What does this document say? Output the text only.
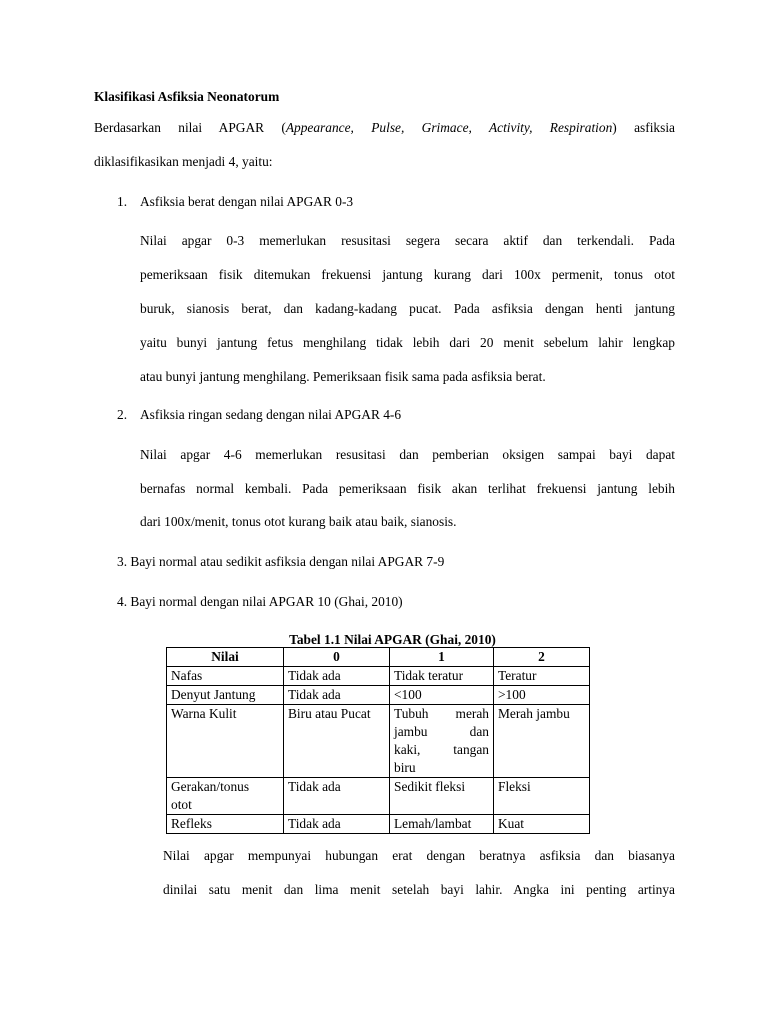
Klasifikasi Asfiksia Neonatorum
Berdasarkan nilai APGAR (Appearance, Pulse, Grimace, Activity, Respiration) asfiksia
diklasifikasikan menjadi 4, yaitu:
1. Asfiksia berat dengan nilai APGAR 0-3
Nilai apgar 0-3 memerlukan resusitasi segera secara aktif dan terkendali. Pada
pemeriksaan fisik ditemukan frekuensi jantung kurang dari 100x permenit, tonus otot
buruk, sianosis berat, dan kadang-kadang pucat. Pada asfiksia dengan henti jantung
yaitu bunyi jantung fetus menghilang tidak lebih dari 20 menit sebelum lahir lengkap
atau bunyi jantung menghilang. Pemeriksaan fisik sama pada asfiksia berat.
2. Asfiksia ringan sedang dengan nilai APGAR 4-6
Nilai apgar 4-6 memerlukan resusitasi dan pemberian oksigen sampai bayi dapat
bernafas normal kembali. Pada pemeriksaan fisik akan terlihat frekuensi jantung lebih
dari 100x/menit, tonus otot kurang baik atau baik, sianosis.
3. Bayi normal atau sedikit asfiksia dengan nilai APGAR 7-9
4. Bayi normal dengan nilai APGAR 10 (Ghai, 2010)
Tabel 1.1 Nilai APGAR (Ghai, 2010)
Nilai	0	1	2
Nafas	Tidak ada	Tidak teratur	Teratur
Denyut Jantung	Tidak ada	<100	>100
Warna Kulit	Biru atau Pucat	Tubuh merah
jambu dan
kaki, tangan
biru	Merah jambu

Gerakan/tonus
otot	Tidak ada	Sedikit fleksi	Fleksi
Refleks	Tidak ada	Lemah/lambat	Kuat
Nilai apgar mempunyai hubungan erat dengan beratnya asfiksia dan biasanya
dinilai satu menit dan lima menit setelah bayi lahir. Angka ini penting artinya
